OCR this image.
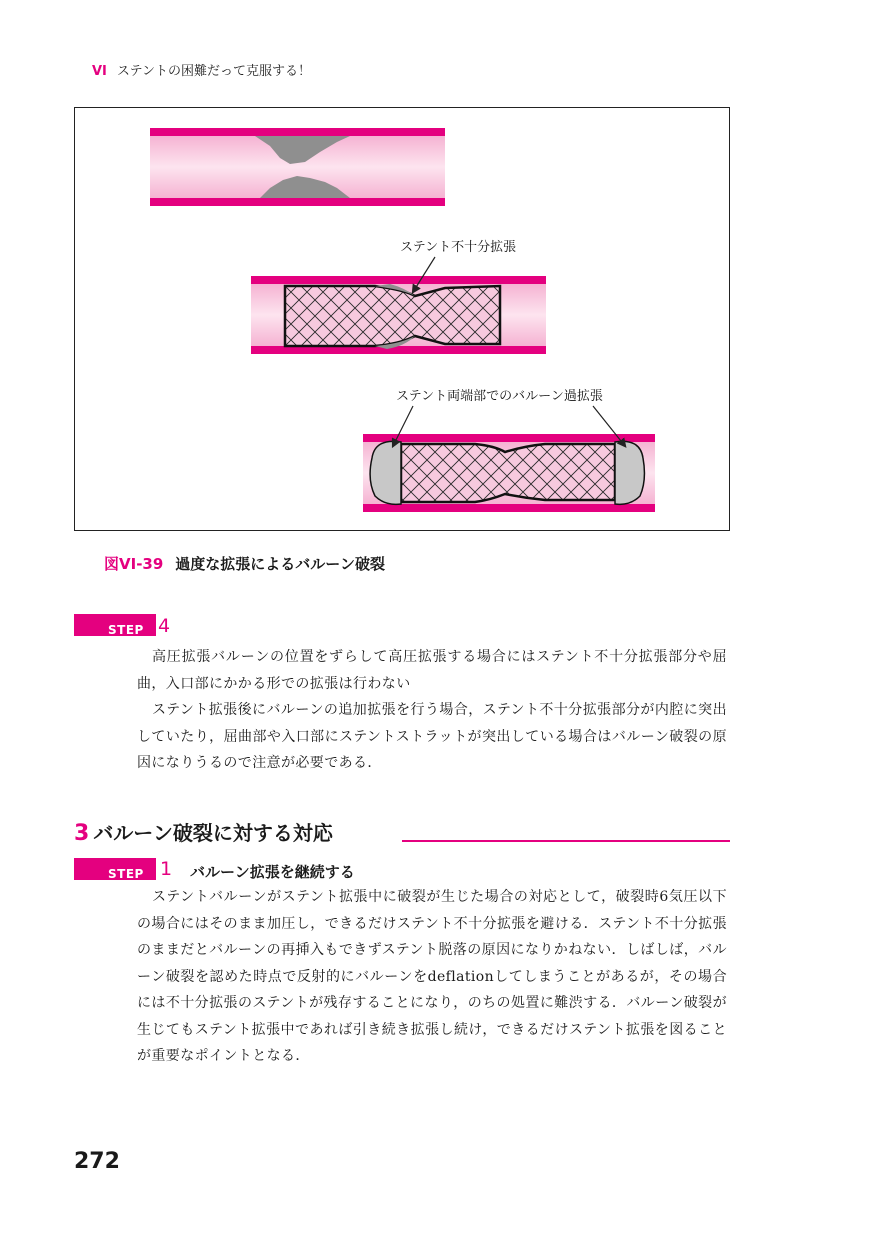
VI ステントの困難だって克服する！
ステント不十分拡張
ステント両端部でのバルーン過拡張
図VI-39 過度な拡張によるバルーン破裂
STEP 4

高圧拡張バルーンの位置をずらして高圧拡張する場合にはステント不十分拡張部分や屈曲，入口部にかかる形での拡張は行わない

ステント拡張後にバルーンの追加拡張を行う場合，ステント不十分拡張部分が内腔に突出していたり，屈曲部や入口部にステントストラットが突出している場合はバルーン破裂の原因になりうるので注意が必要である．

3 バルーン破裂に対する対応
STEP 1 バルーン拡張を継続する

ステントバルーンがステント拡張中に破裂が生じた場合の対応として，破裂時6気圧以下の場合にはそのまま加圧し，できるだけステント不十分拡張を避ける．ステント不十分拡張のままだとバルーンの再挿入もできずステント脱落の原因になりかねない．しばしば，バルーン破裂を認めた時点で反射的にバルーンをdeflationしてしまうことがあるが，その場合には不十分拡張のステントが残存することになり，のちの処置に難渋する．バルーン破裂が生じてもステント拡張中であれば引き続き拡張し続け，できるだけステント拡張を図ることが重要なポイントとなる．

272
